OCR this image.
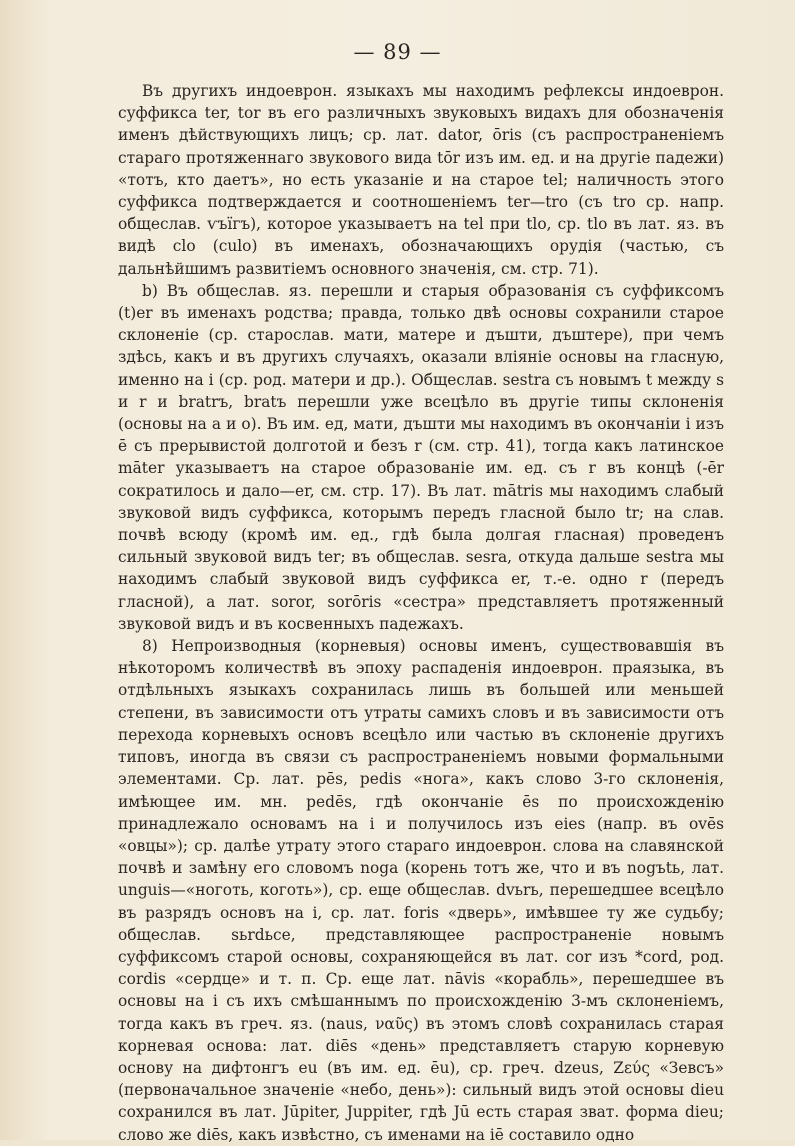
— 89 —

Въ другихъ индоеврон. языкахъ мы находимъ рефлексы индоеврон. суффикса ter, tor въ его различныхъ звуковыхъ видахъ для обозначенія именъ дѣйствующихъ лицъ; ср. лат. dator, ōris (съ распространеніемъ стараго протяженнаго звукового вида tōr изъ им. ед. и на другіе падежи) «тотъ, кто даетъ», но есть указаніе и на старое tel; наличность этого суффикса подтверждается и соотношеніемъ ter—tro (съ tro ср. напр. общеслав. ѵъїгъ), которое указываетъ на tel при tlo, ср. tlo въ лат. яз. въ видѣ clo (culo) въ именахъ, обозначающихъ орудія (частью, съ дальнѣйшимъ развитіемъ основного значенія, см. стр. 71).

b) Въ общеслав. яз. перешли и старыя образованія съ суффиксомъ (t)er въ именахъ родства; правда, только двѣ основы сохранили старое склоненіе (ср. старослав. мати, матере и дъшти, дъштере), при чемъ здѣсь, какъ и въ другихъ случаяхъ, оказали вліяніе основы на гласную, именно на i (ср. род. матери и др.). Общеслав. sestra съ новымъ t между s и r и bratrъ, bratъ перешли уже всецѣло въ другіе типы склоненія (основы на a и o). Въ им. ед, мати, дъшти мы находимъ въ окончаніи i изъ ē съ прерывистой долготой и безъ r (см. стр. 41), тогда какъ латинское māter указываетъ на старое образованіе им. ед. съ r въ концѣ (-ēr сократилось и дало—er, см. стр. 17). Въ лат. mātris мы находимъ слабый звуковой видъ суффикса, которымъ передъ гласной было tr; на слав. почвѣ всюду (кромѣ им. ед., гдѣ была долгая гласная) проведенъ сильный звуковой видъ ter; въ общеслав. sesra, откуда дальше sestra мы находимъ слабый звуковой видъ суффикса er, т.-е. одно r (передъ гласной), а лат. soror, sorōris «сестра» представляетъ протяженный звуковой видъ и въ косвенныхъ падежахъ.

8) Непроизводныя (корневыя) основы именъ, существовавшія въ нѣкоторомъ количествѣ въ эпоху распаденія индоеврон. праязыка, въ отдѣльныхъ языкахъ сохранилась лишь въ большей или меньшей степени, въ зависимости отъ утраты самихъ словъ и въ зависимости отъ перехода корневыхъ основъ всецѣло или частью въ склоненіе другихъ типовъ, иногда въ связи съ распространеніемъ новыми формальными элементами. Ср. лат. pēs, pedis «нога», какъ слово 3-го склоненія, имѣющее им. мн. pedēs, гдѣ окончаніе ēs по происхожденію принадлежало основамъ на i и получилось изъ eies (напр. въ ovēs «овцы»); ср. далѣе утрату этого стараго индоеврон. слова на славянской почвѣ и замѣну его словомъ noga (корень тотъ же, что и въ nogъtь, лат. unguis—«ноготь, коготь»), ср. еще общеслав. dvьrь, перешедшее всецѣло въ разрядъ основъ на i, ср. лат. foris «дверь», имѣвшее ту же судьбу; общеслав. sьrdьce, представляющее распространеніе новымъ суффиксомъ старой основы, сохраняющейся въ лат. cor изъ *cord, род. cordis «сердце» и т. п. Ср. еще лат. nāvis «корабль», перешедшее въ основы на i съ ихъ смѣшаннымъ по происхожденію 3-мъ склоненіемъ, тогда какъ въ греч. яз. (naus, ναῦς) въ этомъ словѣ сохранилась старая корневая основа: лат. diēs «день» представляетъ старую корневую основу на дифтонгъ eu (въ им. ед. ēu), ср. греч. dzeus, Ζεύς «Зевсъ» (первоначальное значеніе «небо, день»): сильный видъ этой основы dieu сохранился въ лат. Jūpiter, Juppiter, гдѣ Jū есть старая зват. форма dieu; слово же diēs, какъ извѣстно, съ именами на iē составило одно
